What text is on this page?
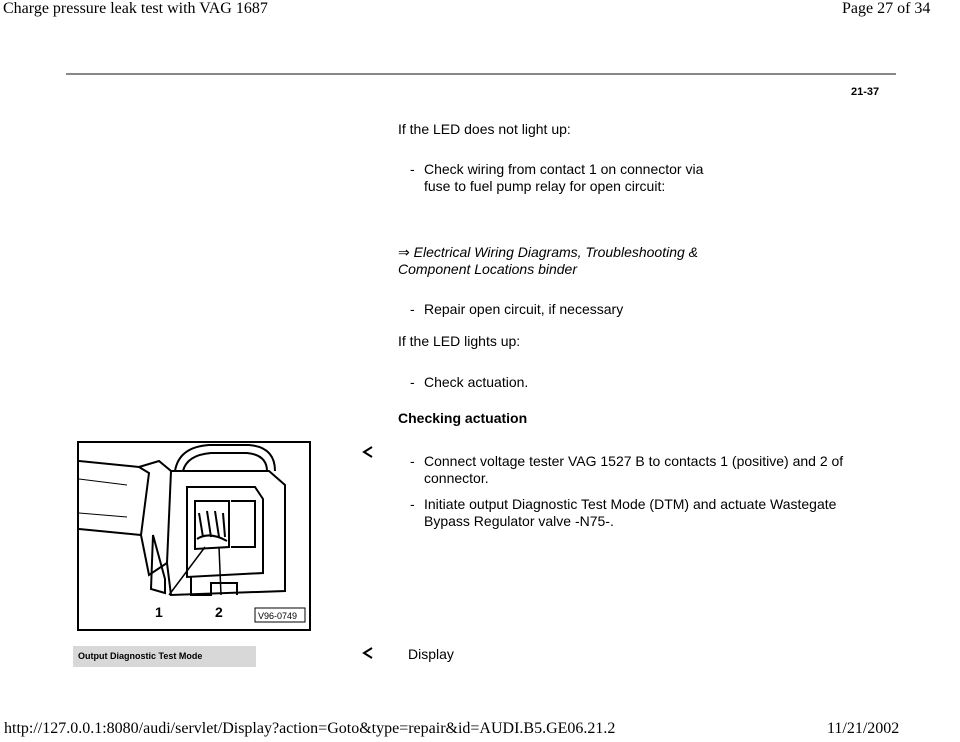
Charge pressure leak test with VAG 1687	Page 27 of 34
21-37
If the LED does not light up:
- Check wiring from contact 1 on connector via
fuse to fuel pump relay for open circuit:
⇒ Electrical Wiring Diagrams, Troubleshooting &
Component Locations binder
- Repair open circuit, if necessary
If the LED lights up:
- Check actuation.
Checking actuation
1	2	V96-0749
- Connect voltage tester VAG 1527 B to contacts 1 (positive) and 2 of
connector.
- Initiate output Diagnostic Test Mode (DTM) and actuate Wastegate
Bypass Regulator valve -N75-.
Output Diagnostic Test Mode	Display
http://127.0.0.1:8080/audi/servlet/Display?action=Goto&type=repair&id=AUDI.B5.GE06.21.2	11/21/2002
